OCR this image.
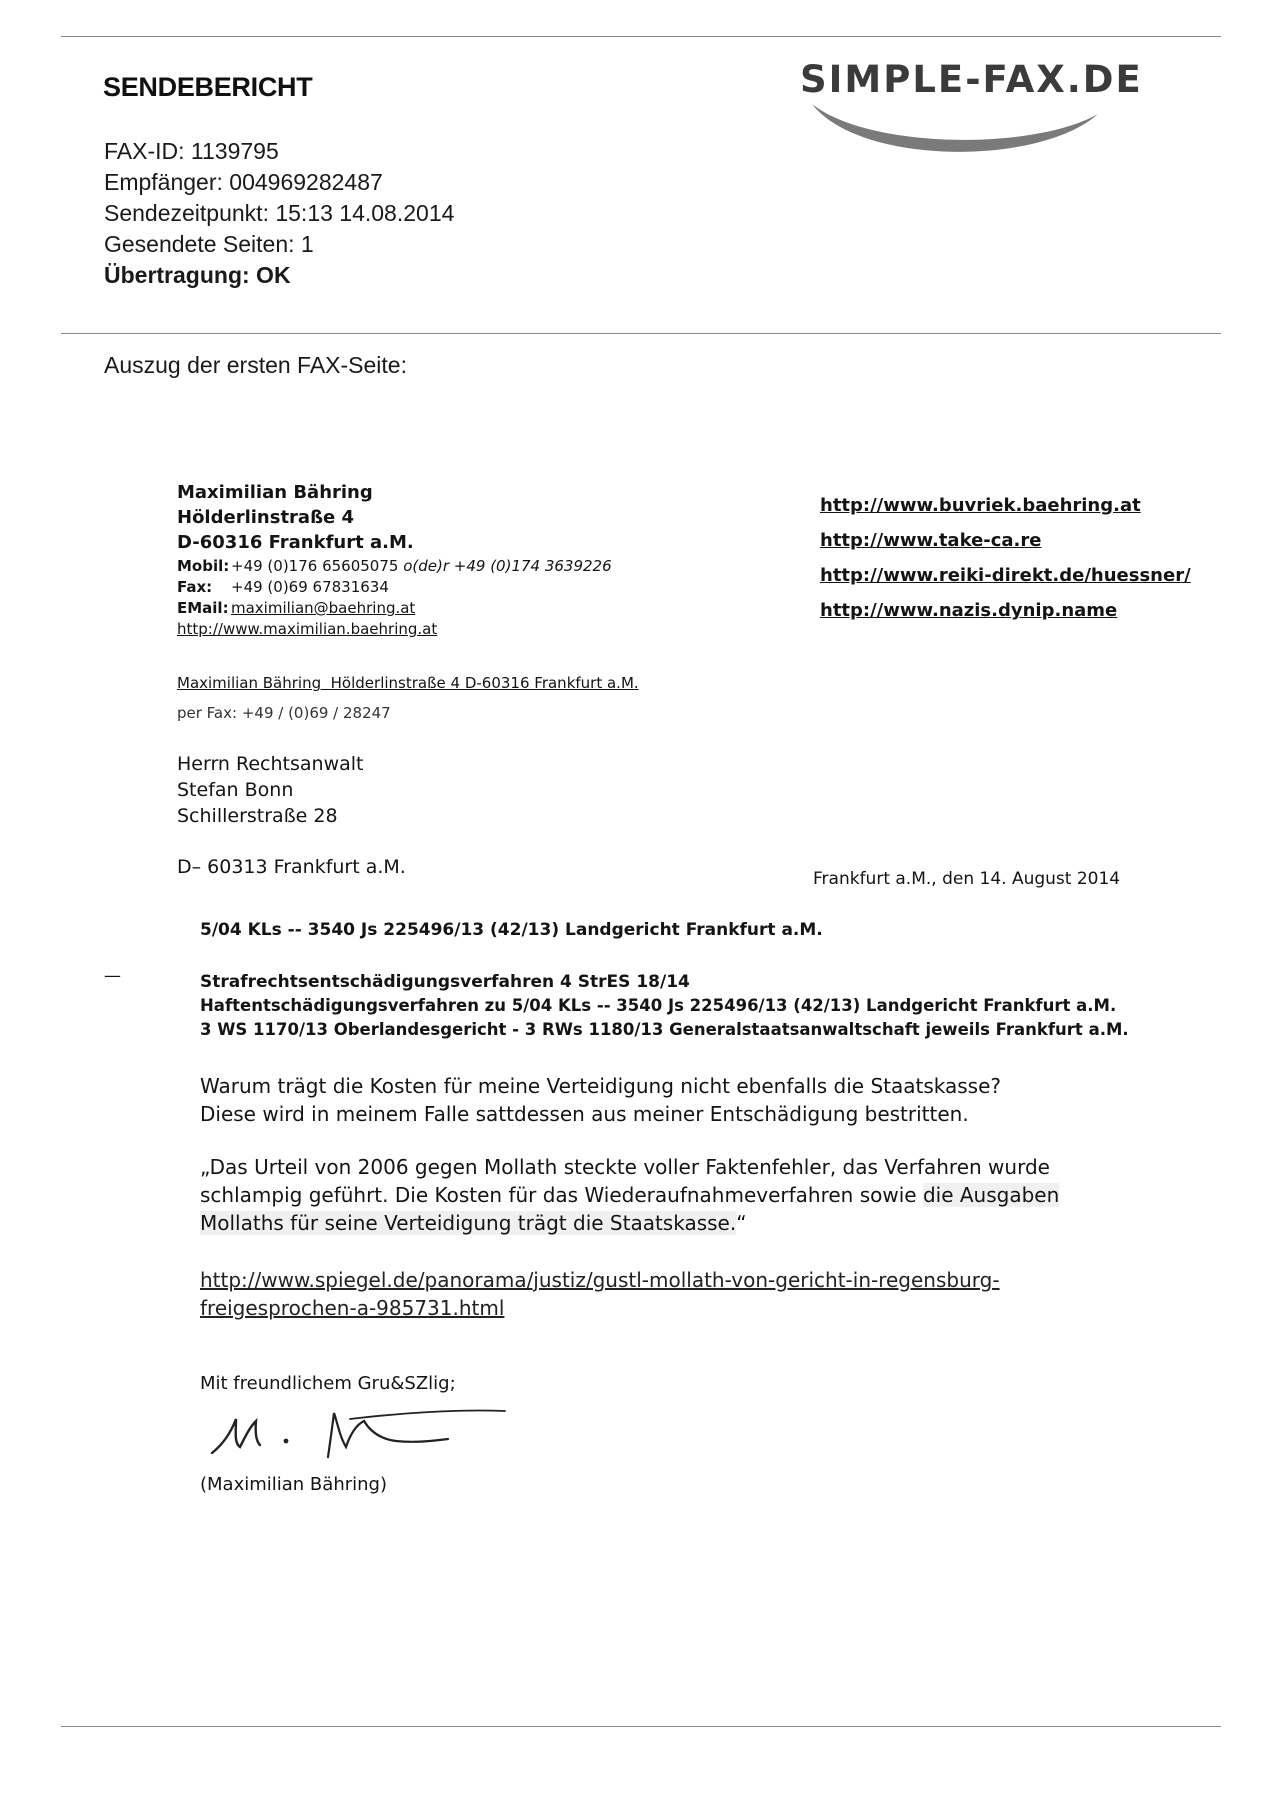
SENDEBERICHT	SIMPLE-FAX.DE
FAX-ID: 1139795
Empfänger: 004969282487
Sendezeitpunkt: 15:13 14.08.2014
Gesendete Seiten: 1
Übertragung: OK
Auszug der ersten FAX-Seite:
Maximilian Bähring
Hölderlinstraße 4
D-60316 Frankfurt a.M.
Mobil: +49 (0)176 65605075 o(de)r +49 (0)174 3639226
Fax: +49 (0)69 67831634
EMail: maximilian@baehring.at
http://www.maximilian.baehring.at
http://www.buvriek.baehring.at
http://www.take-ca.re
http://www.reiki-direkt.de/huessner/
http://www.nazis.dynip.name
Maximilian Bähring  Hölderlinstraße 4 D-60316 Frankfurt a.M.
per Fax: +49 / (0)69 / 28247
Herrn Rechtsanwalt
Stefan Bonn
Schillerstraße 28
D– 60313 Frankfurt a.M.
Frankfurt a.M., den 14. August 2014
5/04 KLs -- 3540 Js 225496/13 (42/13) Landgericht Frankfurt a.M.
—	Strafrechtsentschädigungsverfahren 4 StrES 18/14
Haftentschädigungsverfahren zu 5/04 KLs -- 3540 Js 225496/13 (42/13) Landgericht Frankfurt a.M.
3 WS 1170/13 Oberlandesgericht - 3 RWs 1180/13 Generalstaatsanwaltschaft jeweils Frankfurt a.M.
Warum trägt die Kosten für meine Verteidigung nicht ebenfalls die Staatskasse?
Diese wird in meinem Falle sattdessen aus meiner Entschädigung bestritten.
„Das Urteil von 2006 gegen Mollath steckte voller Faktenfehler, das Verfahren wurde
schlampig geführt. Die Kosten für das Wiederaufnahmeverfahren sowie die Ausgaben
Mollaths für seine Verteidigung trägt die Staatskasse.“
http://www.spiegel.de/panorama/justiz/gustl-mollath-von-gericht-in-regensburg-
freigesprochen-a-985731.html
Mit freundlichem Gru&SZlig;
(Maximilian Bähring)
